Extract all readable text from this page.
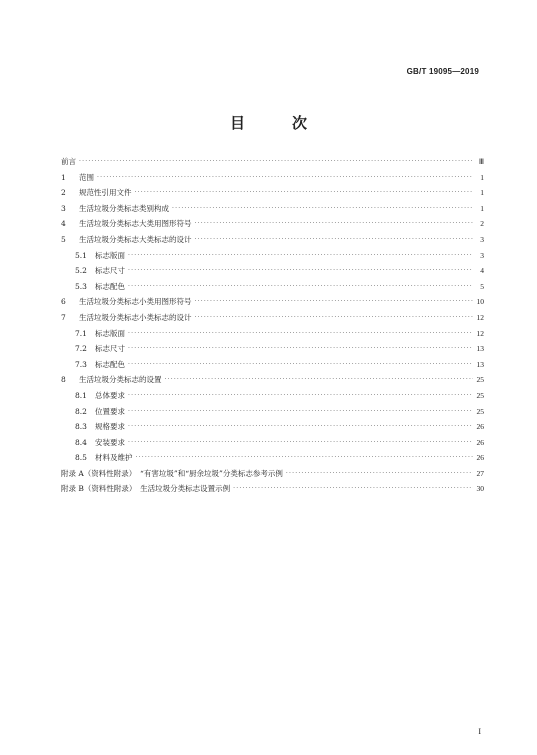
GB/T 19095—2019
目　次
前言 ·····	Ⅲ
1	范围 ·····	1
2	规范性引用文件 ·····	1
3	生活垃圾分类标志类别构成 ·····	1
4	生活垃圾分类标志大类用图形符号 ·····	2
5	生活垃圾分类标志大类标志的设计 ·····	3
5.1 标志版面 ·····	3
5.2 标志尺寸 ·····	4
5.3 标志配色 ·····	5
6	生活垃圾分类标志小类用图形符号 ·····	10
7	生活垃圾分类标志小类标志的设计 ·····	12
7.1 标志版面 ·····	12
7.2 标志尺寸 ·····	13
7.3 标志配色 ·····	13
8	生活垃圾分类标志的设置 ·····	25
8.1 总体要求 ·····	25
8.2 位置要求 ·····	25
8.3 规格要求 ·····	26
8.4 安装要求 ·····	26
8.5 材料及维护 ·····	26
附录 A（资料性附录）　“有害垃圾”和“厨余垃圾”分类标志参考示例 ·····	27
附录 B（资料性附录）　生活垃圾分类标志设置示例 ·····	30
I
